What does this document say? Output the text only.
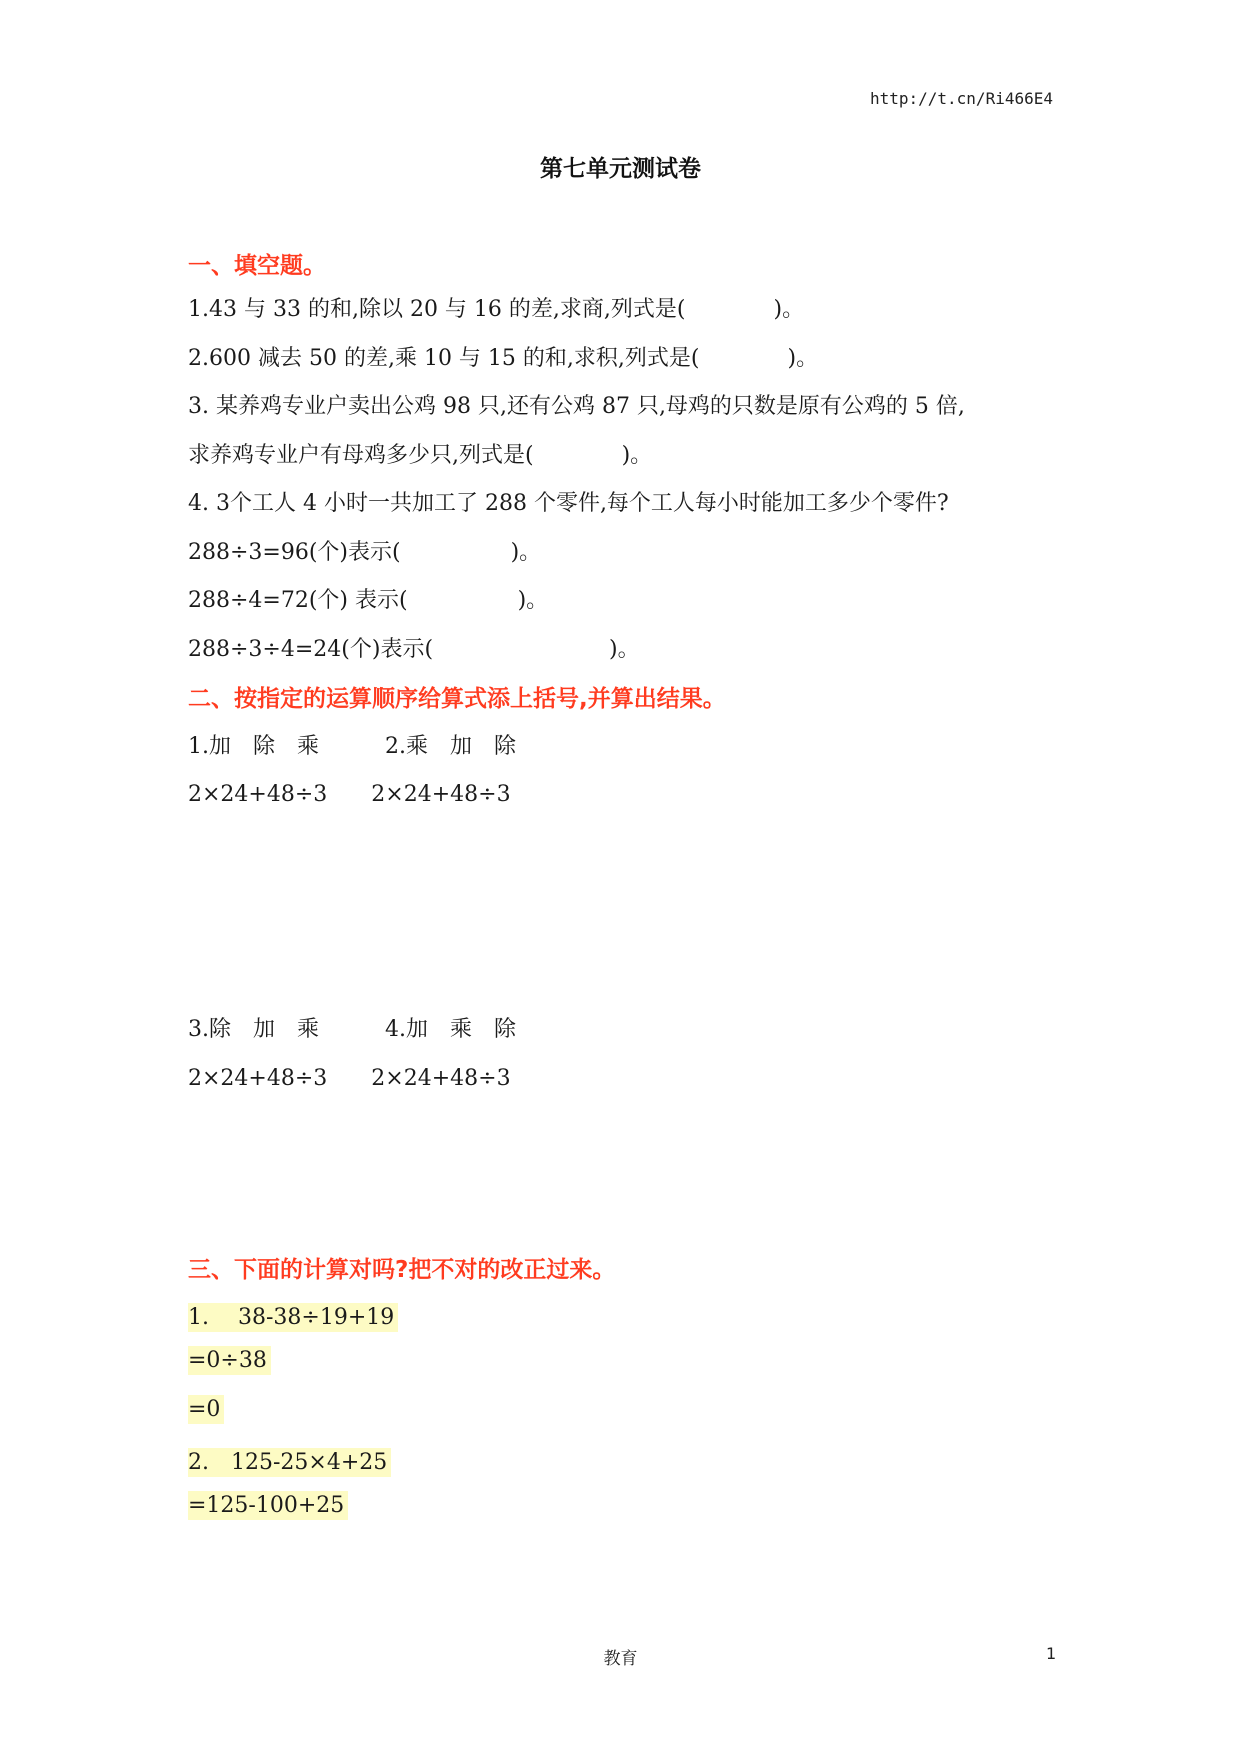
http://t.cn/Ri466E4
第七单元测试卷
一、填空题。
1.43 与 33 的和,除以 20 与 16 的差,求商,列式是(　　　　)。
2.600 减去 50 的差,乘 10 与 15 的和,求积,列式是(　　　　)。
3. 某养鸡专业户卖出公鸡 98 只,还有公鸡 87 只,母鸡的只数是原有公鸡的 5 倍,
求养鸡专业户有母鸡多少只,列式是(　　　　)。
4. 3个工人 4 小时一共加工了 288 个零件,每个工人每小时能加工多少个零件?
288÷3=96(个)表示(　　　　　)。
288÷4=72(个) 表示(　　　　　)。
288÷3÷4=24(个)表示(　　　　　　　　)。
二、按指定的运算顺序给算式添上括号,并算出结果。
1.加　除　乘　　　2.乘　加　除
2×24+48÷3　　2×24+48÷3
3.除　加　乘　　　4.加　乘　除
2×24+48÷3　　2×24+48÷3
三、下面的计算对吗?把不对的改正过来。
1.　 38-38÷19+19
=0÷38
=0
2.　125-25×4+25
=125-100+25
教育	1
